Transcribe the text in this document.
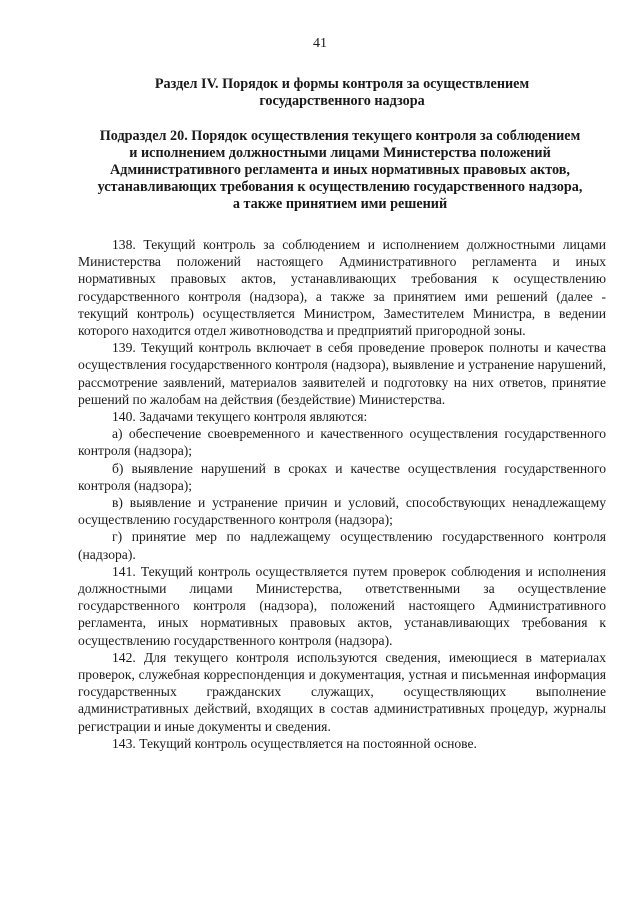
41
Раздел IV. Порядок и формы контроля за осуществлением
государственного надзора
Подраздел 20. Порядок осуществления текущего контроля за соблюдением
и исполнением должностными лицами Министерства положений
Административного регламента и иных нормативных правовых актов,
устанавливающих требования к осуществлению государственного надзора,
а также принятием ими решений

138. Текущий контроль за соблюдением и исполнением должностными лицами Министерства положений настоящего Административного регламента и иных нормативных правовых актов, устанавливающих требования к осуществлению государственного контроля (надзора), а также за принятием ими решений (далее - текущий контроль) осуществляется Министром, Заместителем Министра, в ведении которого находится отдел животноводства и предприятий пригородной зоны.

139. Текущий контроль включает в себя проведение проверок полноты и качества осуществления государственного контроля (надзора), выявление и устранение нарушений, рассмотрение заявлений, материалов заявителей и подготовку на них ответов, принятие решений по жалобам на действия (бездействие) Министерства.

140. Задачами текущего контроля являются:

а) обеспечение своевременного и качественного осуществления государственного контроля (надзора);

б) выявление нарушений в сроках и качестве осуществления государственного контроля (надзора);

в) выявление и устранение причин и условий, способствующих ненадлежащему осуществлению государственного контроля (надзора);

г) принятие мер по надлежащему осуществлению государственного контроля (надзора).

141. Текущий контроль осуществляется путем проверок соблюдения и исполнения должностными лицами Министерства, ответственными за осуществление государственного контроля (надзора), положений настоящего Административного регламента, иных нормативных правовых актов, устанавливающих требования к осуществлению государственного контроля (надзора).

142. Для текущего контроля используются сведения, имеющиеся в материалах проверок, служебная корреспонденция и документация, устная и письменная информация государственных гражданских служащих, осуществляющих выполнение административных действий, входящих в состав административных процедур, журналы регистрации и иные документы и сведения.

143. Текущий контроль осуществляется на постоянной основе.
